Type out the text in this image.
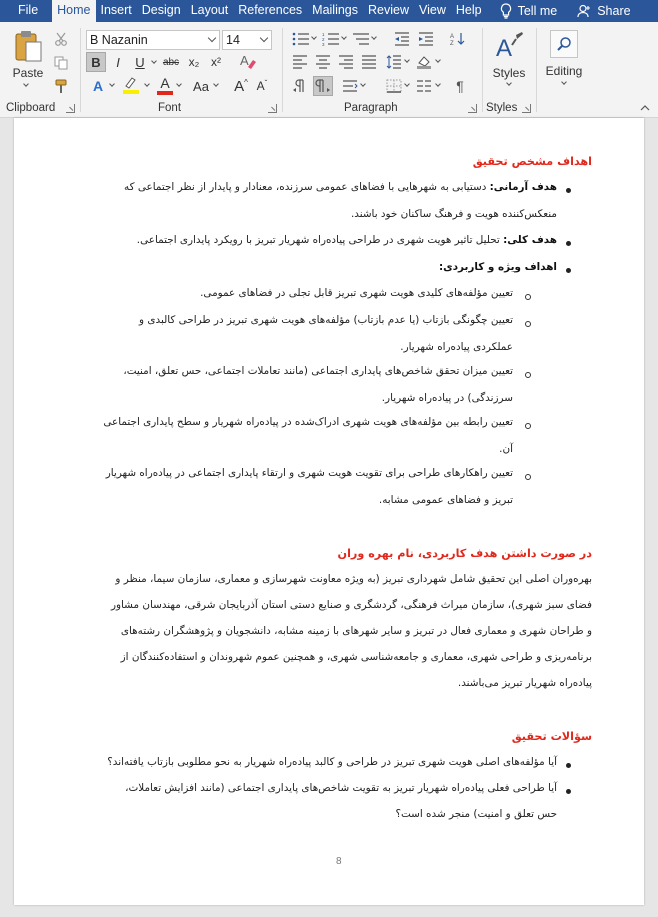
File	Home Insert Design Layout References Mailings Review View Help	Tell me	Share
Paste
Clipboard
B Nazanin	14
B	I	U	abc x₂ x²	A
A	A	Aa	A ^ A ˇ
Font
1
2
3
A
Z
¶
Paragraph
A
Styles
Styles
Editing
اهداف مشخص تحقیق
هدف آرمانی: دستیابی به شهرهایی با فضاهای عمومی سرزنده، معنادار و پایدار از نظر اجتماعی که
منعکس‌کننده هویت و فرهنگ ساکنان خود باشند.
هدف کلی: تحلیل تاثیر هویت شهری در طراحی پیاده‌راه شهریار تبریز با رویکرد پایداری اجتماعی.
اهداف ویژه و کاربردی:
تعیین مؤلفه‌های کلیدی هویت شهری تبریز قابل تجلی در فضاهای عمومی.
تعیین چگونگی بازتاب (یا عدم بازتاب) مؤلفه‌های هویت شهری تبریز در طراحی کالبدی و
عملکردی پیاده‌راه شهریار.
تعیین میزان تحقق شاخص‌های پایداری اجتماعی (مانند تعاملات اجتماعی، حس تعلق، امنیت،
سرزندگی) در پیاده‌راه شهریار.
تعیین رابطه بین مؤلفه‌های هویت شهری ادراک‌شده در پیاده‌راه شهریار و سطح پایداری اجتماعی
آن.
تعیین راهکارهای طراحی برای تقویت هویت شهری و ارتقاء پایداری اجتماعی در پیاده‌راه شهریار
تبریز و فضاهای عمومی مشابه.
در صورت داشتن هدف کاربردی، نام بهره وران
بهره‌وران اصلی این تحقیق شامل شهرداری تبریز (به ویژه معاونت شهرسازی و معماری، سازمان سیما، منظر و
فضای سبز شهری)، سازمان میراث فرهنگی، گردشگری و صنایع دستی استان آذربایجان شرقی، مهندسان مشاور
و طراحان شهری و معماری فعال در تبریز و سایر شهرهای با زمینه مشابه، دانشجویان و پژوهشگران رشته‌های
برنامه‌ریزی و طراحی شهری، معماری و جامعه‌شناسی شهری، و همچنین عموم شهروندان و استفاده‌کنندگان از
پیاده‌راه شهریار تبریز می‌باشند.
سؤالات تحقیق
آیا مؤلفه‌های اصلی هویت شهری تبریز در طراحی و کالبد پیاده‌راه شهریار به نحو مطلوبی بازتاب یافته‌اند؟
آیا طراحی فعلی پیاده‌راه شهریار تبریز به تقویت شاخص‌های پایداری اجتماعی (مانند افزایش تعاملات،
حس تعلق و امنیت) منجر شده است؟
8
